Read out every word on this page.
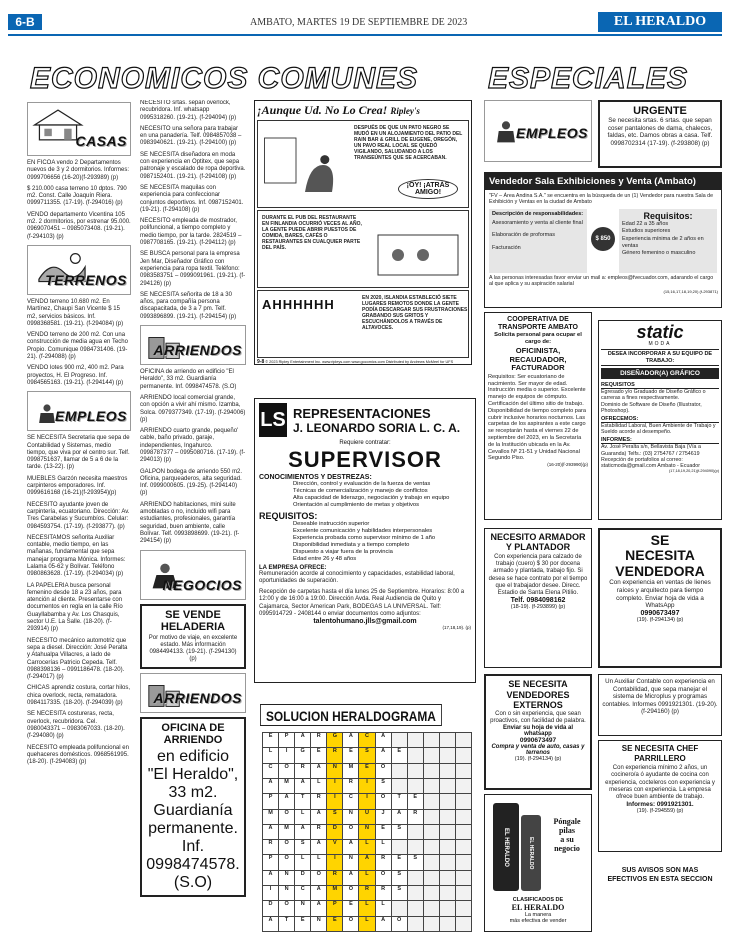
6-B	AMBATO, MARTES 19 DE SEPTIEMBRE DE 2023	EL HERALDO
ECONOMICOS COMUNES ESPECIALES
CASAS

EN FICOA vendo 2 Departamentos nuevos de 3 y 2 dormitorios. Informes: 0999706656 (16-20)(f-293989) (p)

$ 210.000 casa terreno 10 dptos. 790 m2. Const. Calle Joaquín Riera. 0999711355. (17-19). (f-294016) (p)

VENDO departamento Vicentina 105 m2. 2 dormitorios, por estrenar 95.000. 0969070451 – 0985073408. (19-21). (f-294103) (p)

TERRENOS

VENDO terreno 10.680 m2. En Martínez, Chaupi San Vicente $ 15 m2, servicios básicos. Inf. 0998368581. (19-21). (f-294084) (p)

VENDO terreno de 200 m2. Con una construcción de media agua en Techo Propio. Comunique 0984731406. (19-21). (f-294088) (p)

VENDO lotes 900 m2, 400 m2. Para proyectos, H. El Progreso. Inf. 0984565163. (19-21). (f-294144) (p)

EMPLEOS

SE NECESITA Secretaria que sepa de Contabilidad y Sistemas, medio tiempo, que viva por el centro sur. Telf. 0998751637, llamar de 5 a 6 de la tarde. (13-22). (p)

MUEBLES Garzón necesita maestros carpinteros emporadores. Inf. 0999616168 (16-21)(f-293954)(p)

NECESITO ayudante joven de carpintería, ecuatoriano. Dirección: Av. Tres Carabelas y Sucumbíos. Celular: 0984593754. (17-19). (f-293877). (p)

NECESITAMOS señorita Auxiliar contable, medio tiempo, en las mañanas, fundamental que sepa manejar programa Mónica. Informes: Lalama 05-62 y Bolívar. Teléfono 0980863628. (17-19). (f-294034) (p)

LA PAPELERIA busca personal femenino desde 18 a 23 años, para atención al cliente. Presentarse con documentos en regla en la calle Río Guayllabamba y Av. Los Chasquis, sector U.E. La Salle. (18-20). (f-293914) (p)

NECESITO mecánico automotriz que sepa a diesel. Dirección: José Peralta y Atahualpa Villacres, a lado de Carrocerías Patricio Cepeda. Telf. 0988398136 – 0991186478. (18-20). (f-294017) (p)

CHICAS aprendiz costura, cortar hilos, chica overlock, recta, rematadora. 0984117335. (18-20). (f-294039) (p)

SE NECESITA costureras, recta, overlock, recubridora. Cel. 0980043371 – 0983067033. (18-20). (f-294080) (p)

NECESITO empleada polifuncional en quehaceres domésticos. 0968561995. (18-20). (f-294083) (p)

NECESITO srtas. sepan overlock, recubridora. Inf. whatsapp 0995318260. (19-21). (f-294094) (p)

NECESITO una señora para trabajar en una panadería. Telf. 0984857038 – 0983940621. (19-21). (f-294100) (p)

SE NECESITA diseñadora en moda con experiencia en Optitex, que sepa patronaje y escalado de ropa deportiva. 0987152401. (19-21). (f-294108) (p)

SE NECESITA maquilas con experiencia para confeccionar conjuntos deportivos. Inf. 0987152401. (19-21). (f-294108) (p)

NECESITO empleada de mostrador, polifuncional, a tiempo completo y medio tiempo, por la tarde. 2824519 – 0987708165. (19-21). (f-294112) (p)

SE BUSCA personal para la empresa Jen Mar, Diseñador Gráfico con experiencia para ropa textil. Teléfono: 0983583751 – 0999091961. (19-21). (f-294126) (p)

SE NECESITA señorita de 18 a 30 años, para compañía persona discapacitada, de 3 a 7 pm. Telf. 0993896899. (19-21). (f-294154) (p)

ARRIENDOS

OFICINA de arriendo en edificio "El Heraldo", 33 m2. Guardianía permanente. Inf. 0998474578. (S.O)

ARRIENDO local comercial grande, con opción a vivir ahí mismo. Izamba, Solca. 0979377349. (17-19). (f-294006) (p)

ARRIENDO cuarto grande, pequeño' cable, baño privado, garaje, independientes, Ingahurco. 0998787377 – 0995080716. (17-19). (f-294013) (p)

GALPON bodega de arriendo 550 m2. Oficina, parqueaderos, alta seguridad. Inf. 0999000605. (19-25). (f-294140) (p)

ARRIENDO habitaciones, mini suite amobladas o no, incluido wifi para estudiantes, profesionales, garantía seguridad, buen ambiente, calle Bolívar. Telf. 0993898699. (19-21). (f-294154) (p)

NEGOCIOS
SE VENDE
HELADERIA

Por motivo de viaje, en excelente estado. Más información 0984494133. (19-21). (f-294130) (p)

ARRIENDOS
OFICINA DE
ARRIENDO

en edificio "El Heraldo", 33 m2. Guardianía permanente. Inf. 0998474578. (S.O)

¡Aunque Ud. No Lo Crea! Ripley's
DESPUÉS DE QUE UN PATO NEGRO SE MUDÓ EN UN ALOJAMIENTO DEL PATIO DEL RAIN BAR & GRILL DE EUGENE, OREGÓN, UN PAVO REAL LOCAL SE QUEDÓ VIGILANDO, SALUDANDO A LOS TRANSEÚNTES QUE SE ACERCABAN.
¡OY! ¡ATRÁS AMIGO!
DURANTE EL PUB DEL RESTAURANTE EN FINLANDIA OCURRIÓ VECES AL AÑO, LA GENTE PUEDE ABRIR PUESTOS DE COMIDA, BARES, CAFÉS O RESTAURANTES EN CUALQUIER PARTE DEL PAÍS.
AHHHHHH	EN 2020, ISLANDIA ESTABLECIÓ SIETE LUGARES REMOTOS DONDE LA GENTE PODÍA DESCARGAR SUS FRUSTRACIONES GRABANDO SUS GRITOS Y ESCUCHÁNDOLOS A TRAVÉS DE ALTAVOCES.
9-8 © 2023 Ripley Entertainment Inc. www.ripleys.com www.gocomics.com Distributed by Andrews McMeel for UFS
LS REPRESENTACIONES
J. LEONARDO SORIA L. C. A.
Requiere contratar:
SUPERVISOR
CONOCIMIENTOS Y DESTREZAS:
Dirección, control y evaluación de la fuerza de ventas
Técnicas de comercialización y manejo de conflictos
Alta capacidad de liderazgo, negociación y trabajo en equipo
Orientación al cumplimiento de metas y objetivos
REQUISITOS:
Deseable instrucción superior
Excelente comunicación y habilidades interpersonales
Experiencia probada como supervisor mínimo de 1 año
Disponibilidad inmediata y a tiempo completo
Dispuesto a viajar fuera de la provincia
Edad entre 26 y 48 años
LA EMPRESA OFRECE:
Remuneración acorde al conocimiento y capacidades, estabilidad laboral, oportunidades de superación.
Recepción de carpetas hasta el día lunes 25 de Septiembre. Horarios: 8:00 a 12:00 y de 16:00 a 19:00. Dirección Avda. Real Audiencia de Quito y Cajamarca, Sector American Park, BODEGAS LA UNIVERSAL. Telf: 0995914729 - 2408144 o enviar documentos como adjuntos:
talentohumano.jlls@gmail.com
(17,18,19). (p)
SOLUCION HERALDOGRAMA
E	P	A	R	G	A	C	A
L	I	G	E	R	E	S	A	E
C	O	R	A	N	M	E	O
A	M	A	L	I	R	I	S
P	A	T	R	I	C	I	O	T	E
M	O	L	A	S	N	U	J	A	R
A	M	A	R	D	O	N	E	S
R	O	S	A	V	A	L	L
P	O	L	L	I	N	A	R	E	S
A	N	D	O	R	A	L	O	S
I	N	C	A	M	O	R	R	S
D	O	N	A	P	E	L	L
A	T	E	N	E	O	L	A	O
EMPLEOS
URGENTE

Se necesita srtas. 6 srtas. que sepan coser pantalones de dama, chalecos, faldas, etc. Damos obras a casa. Telf. 0998702314 (17-19). (f-293808) (p)

Vendedor Sala Exhibiciones y Venta (Ambato)
"FV – Área Andina S.A." se encuentra en la búsqueda de un (1) Vendedor para nuestra Sala de Exhibición y Ventas en la ciudad de Ambato
Descripción de responsabilidades:
Asesoramiento y venta al cliente final
Elaboración de proformas
Facturación
$ 850
Requisitos:
Edad 22 a 35 años
Estudios superiores
Experiencia mínima de 2 años en ventas
Género femenino o masculino
A las personas interesadas favor enviar un mail a: empleos@fvecuador.com, adarando el cargo al que aplica y su aspiración salarial
(15,16,17,18,19,20) (f-293871)
COOPERATIVA DE TRANSPORTE AMBATO
Solicita personal para ocupar el cargo de:
OFICINISTA, RECAUDADOR, FACTURADOR
Requisitos: Ser ecuatoriano de nacimiento. Ser mayor de edad. Instrucción media o superior. Excelente manejo de equipos de cómputo. Certificación del último sitio de trabajo. Disponibilidad de tiempo completo para cubrir inclusive horarios nocturnos. Las carpetas de los aspirantes a este cargo se receptarán hasta el viernes 22 de septiembre del 2023, en la Secretaría de la Institución ubicada en la Av. Cevallos Nº 21-51 y Unidad Nacional Segundo Piso.
(16-20)(f-293990)(p)
static
MODA
DESEA INCORPORAR A SU EQUIPO DE TRABAJO:
DISEÑADOR(A) GRÁFICO
REQUISITOS
Egresado y/o Graduado de Diseño Gráfico o carreras a fines respectivamente.
Dominio de Software de Diseño (Illustrator, Photoshop).
OFRECEMOS:
Estabilidad Laboral, Buen Ambiente de Trabajo y Sueldo acorde al desempeño.
INFORMES:
Av. José Peralta s/n, Bellavista Baja (Vía a Guaranda) Telfs.: (03) 2754767 / 2754619 Recepción de portafolios al correo: staticmoda@gmail.com Ambato - Ecuador
(17,18,19,20,21)(f-294090)(p)
NECESITO ARMADOR Y PLANTADOR
Con experiencia para calzado de trabajo (cuero) $ 30 por docena armado y plantada, trabajo fijo. Si desea se hace contrato por el tiempo que el trabajador desee. Direcc. Estadio de Santa Elena Pitilio.
Telf. 0984098162
(18-19). (f-293899) (p)
SE
NECESITA
VENDEDORA
Con experiencia en ventas de lienes raíces y arquitecto para tiempo completo. Enviar hoja de vida a WhatsApp
0990673497
(19). (f-294134) (p)
SE NECESITA VENDEDORES EXTERNOS
Con o sin experiencia, que sean proactivos, con facilidad de palabra.
Enviar su hoja de vida al whatsapp
0990673497
Compra y venta de auto, casas y terrenos
(19). (f-294134) (p)
Un Auxiliar Contable con experiencia en Contabilidad, que sepa manejar el sistema de Microplus y programas contables. Informes 0991921301. (19-20). (f-294160) (p)
SE NECESITA CHEF PARRILLERO
Con experiencia mínimo 2 años, un cocinero/a ó ayudante de cocina con experiencia, cocteleros con experiencia y meseras con experiencia. La empresa ofrece buen ambiente de trabajo.
Informes: 0991921301.
(19). (f-294559) (p)
EL HERALDO	EL HERALDO
Póngale
pilas
a su
negocio
CLASIFICADOS DE
EL HERALDO
La manera
más efectiva de vender
SUS AVISOS SON MAS EFECTIVOS EN ESTA SECCION
